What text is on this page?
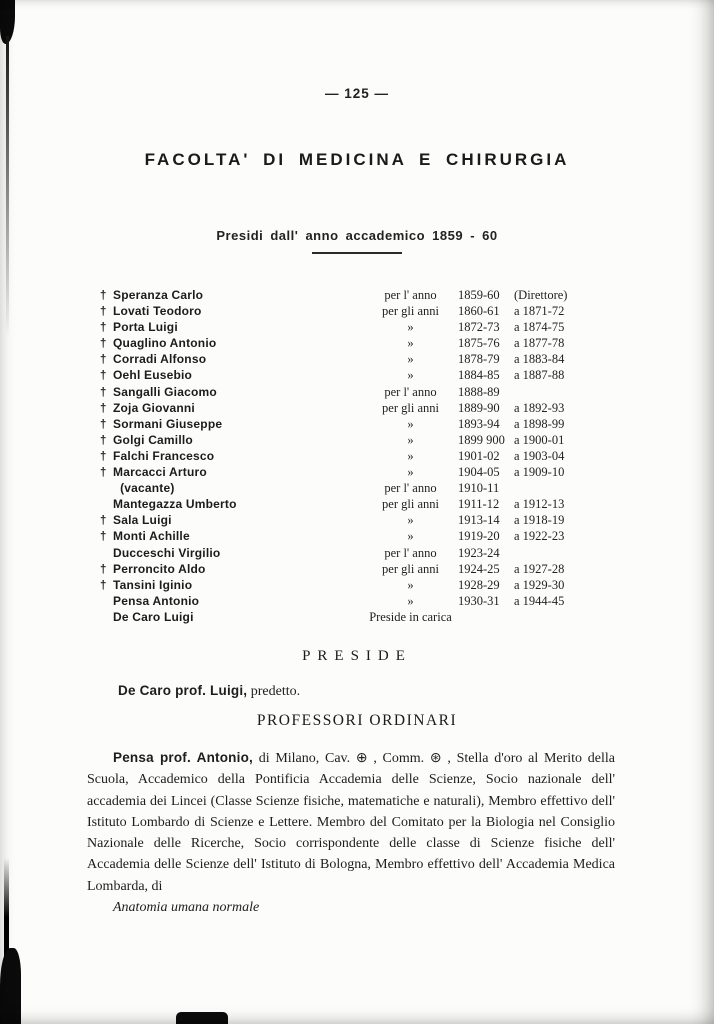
— 125 —
FACOLTA' DI MEDICINA E CHIRURGIA
Presidi dall' anno accademico 1859 - 60
† Speranza Carlo	per l' anno	1859-60	(Direttore)
† Lovati Teodoro	per gli anni	1860-61	a 1871-72
† Porta Luigi	»	1872-73	a 1874-75
† Quaglino Antonio	»	1875-76	a 1877-78
† Corradi Alfonso	»	1878-79	a 1883-84
† Oehl Eusebio	»	1884-85	a 1887-88
† Sangalli Giacomo	per l' anno	1888-89
† Zoja Giovanni	per gli anni	1889-90	a 1892-93
† Sormani Giuseppe	»	1893-94	a 1898-99
† Golgi Camillo	»	1899 900 a 1900-01
† Falchi Francesco	»	1901-02	a 1903-04
† Marcacci Arturo	»	1904-05	a 1909-10
(vacante)	per l' anno	1910-11
Mantegazza Umberto	per gli anni	1911-12	a 1912-13
† Sala Luigi	»	1913-14	a 1918-19
† Monti Achille	»	1919-20	a 1922-23
Ducceschi Virgilio	per l' anno	1923-24
† Perroncito Aldo	per gli anni	1924-25	a 1927-28
† Tansini Iginio	»	1928-29	a 1929-30
Pensa Antonio	»	1930-31	a 1944-45
De Caro Luigi	Preside in carica
PRESIDE
De Caro prof. Luigi, predetto.
PROFESSORI ORDINARI

Pensa prof. Antonio, di Milano, Cav. ⊕ , Comm. ⊛ , Stella d'oro al Merito della Scuola, Accademico della Pontificia Accademia delle Scienze, Socio nazionale dell' accademia dei Lincei (Classe Scienze fisiche, matematiche e naturali), Membro effettivo dell' Istituto Lombardo di Scienze e Lettere. Membro del Comitato per la Biologia nel Consiglio Nazionale delle Ricerche, Socio corrispondente delle classe di Scienze fisiche dell' Accademia delle Scienze dell' Istituto di Bologna, Membro effettivo dell' Accademia Medica Lombarda, di

Anatomia umana normale
